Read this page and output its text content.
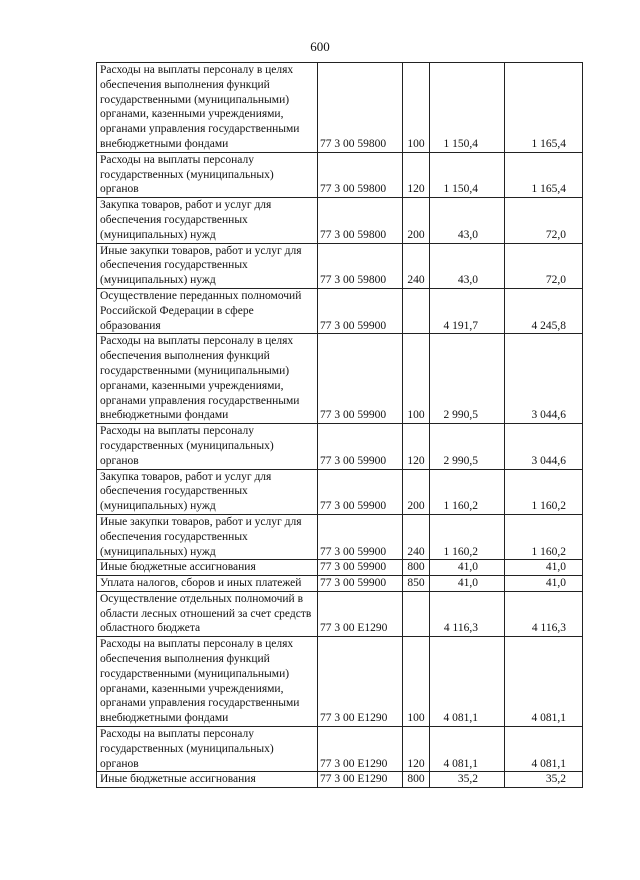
600
Расходы на выплаты персоналу в целях обеспечения выполнения функций государственными (муниципальными) органами, казенными учреждениями, органами управления государственными внебюджетными фондами	77 3 00 59800	100	1 150,4	1 165,4
Расходы на выплаты персоналу государственных (муниципальных) органов	77 3 00 59800	120	1 150,4	1 165,4
Закупка товаров, работ и услуг для обеспечения государственных (муниципальных) нужд	77 3 00 59800	200	43,0	72,0
Иные закупки товаров, работ и услуг для обеспечения государственных (муниципальных) нужд	77 3 00 59800	240	43,0	72,0
Осуществление переданных полномочий Российской Федерации в сфере образования	77 3 00 59900		4 191,7	4 245,8
Расходы на выплаты персоналу в целях обеспечения выполнения функций государственными (муниципальными) органами, казенными учреждениями, органами управления государственными внебюджетными фондами	77 3 00 59900	100	2 990,5	3 044,6
Расходы на выплаты персоналу государственных (муниципальных) органов	77 3 00 59900	120	2 990,5	3 044,6
Закупка товаров, работ и услуг для обеспечения государственных (муниципальных) нужд	77 3 00 59900	200	1 160,2	1 160,2
Иные закупки товаров, работ и услуг для обеспечения государственных (муниципальных) нужд	77 3 00 59900	240	1 160,2	1 160,2
Иные бюджетные ассигнования	77 3 00 59900	800	41,0	41,0
Уплата налогов, сборов и иных платежей	77 3 00 59900	850	41,0	41,0
Осуществление отдельных полномочий в области лесных отношений за счет средств областного бюджета	77 3 00 Е1290		4 116,3	4 116,3
Расходы на выплаты персоналу в целях обеспечения выполнения функций государственными (муниципальными) органами, казенными учреждениями, органами управления государственными внебюджетными фондами	77 3 00 Е1290	100	4 081,1	4 081,1
Расходы на выплаты персоналу государственных (муниципальных) органов	77 3 00 Е1290	120	4 081,1	4 081,1
Иные бюджетные ассигнования	77 3 00 Е1290	800	35,2	35,2
